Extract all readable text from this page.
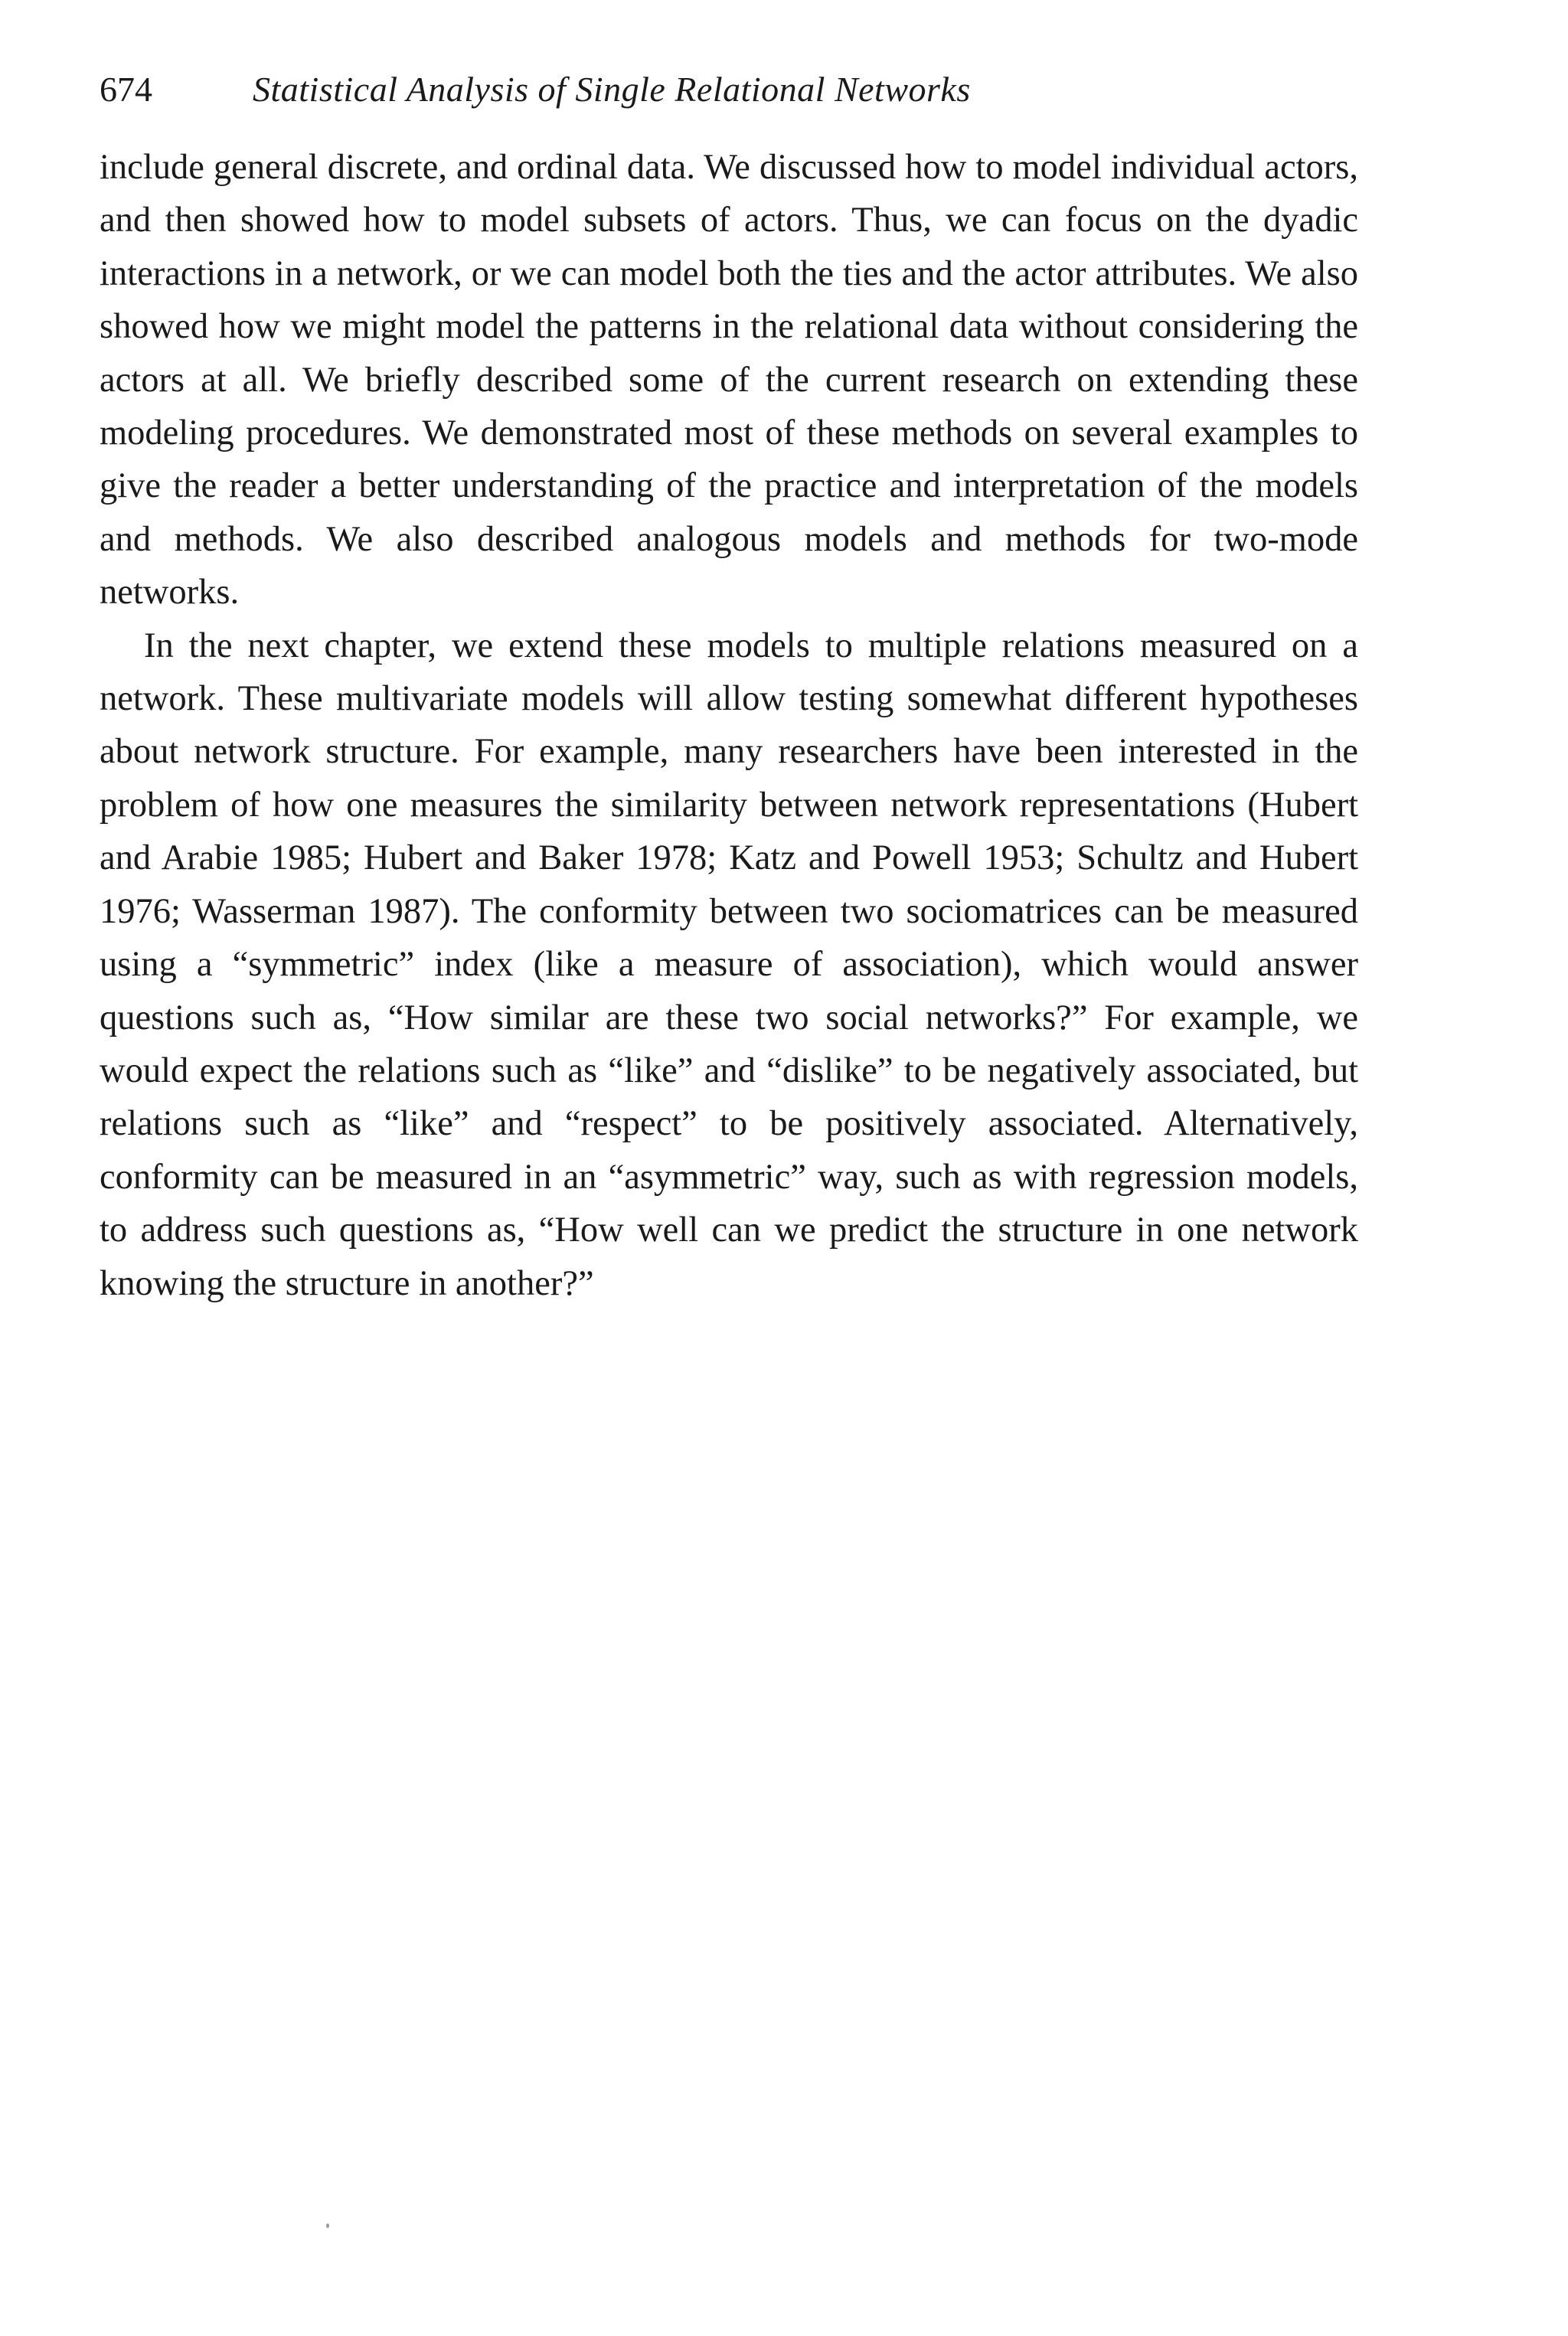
674	Statistical Analysis of Single Relational Networks

include general discrete, and ordinal data. We discussed how to model individual actors, and then showed how to model subsets of actors. Thus, we can focus on the dyadic interactions in a network, or we can model both the ties and the actor attributes. We also showed how we might model the patterns in the relational data without considering the actors at all. We briefly described some of the current research on extending these modeling procedures. We demonstrated most of these methods on several examples to give the reader a better understanding of the practice and interpretation of the models and methods. We also described analogous models and methods for two-mode networks.

In the next chapter, we extend these models to multiple relations measured on a network. These multivariate models will allow testing somewhat different hypotheses about network structure. For example, many researchers have been interested in the problem of how one measures the similarity between network representations (Hubert and Arabie 1985; Hubert and Baker 1978; Katz and Powell 1953; Schultz and Hubert 1976; Wasserman 1987). The conformity between two sociomatrices can be measured using a “symmetric” index (like a measure of association), which would answer questions such as, “How similar are these two social networks?” For example, we would expect the relations such as “like” and “dislike” to be negatively associated, but relations such as “like” and “respect” to be positively associated. Alternatively, conformity can be measured in an “asymmetric” way, such as with regression models, to address such questions as, “How well can we predict the structure in one network knowing the structure in another?”
